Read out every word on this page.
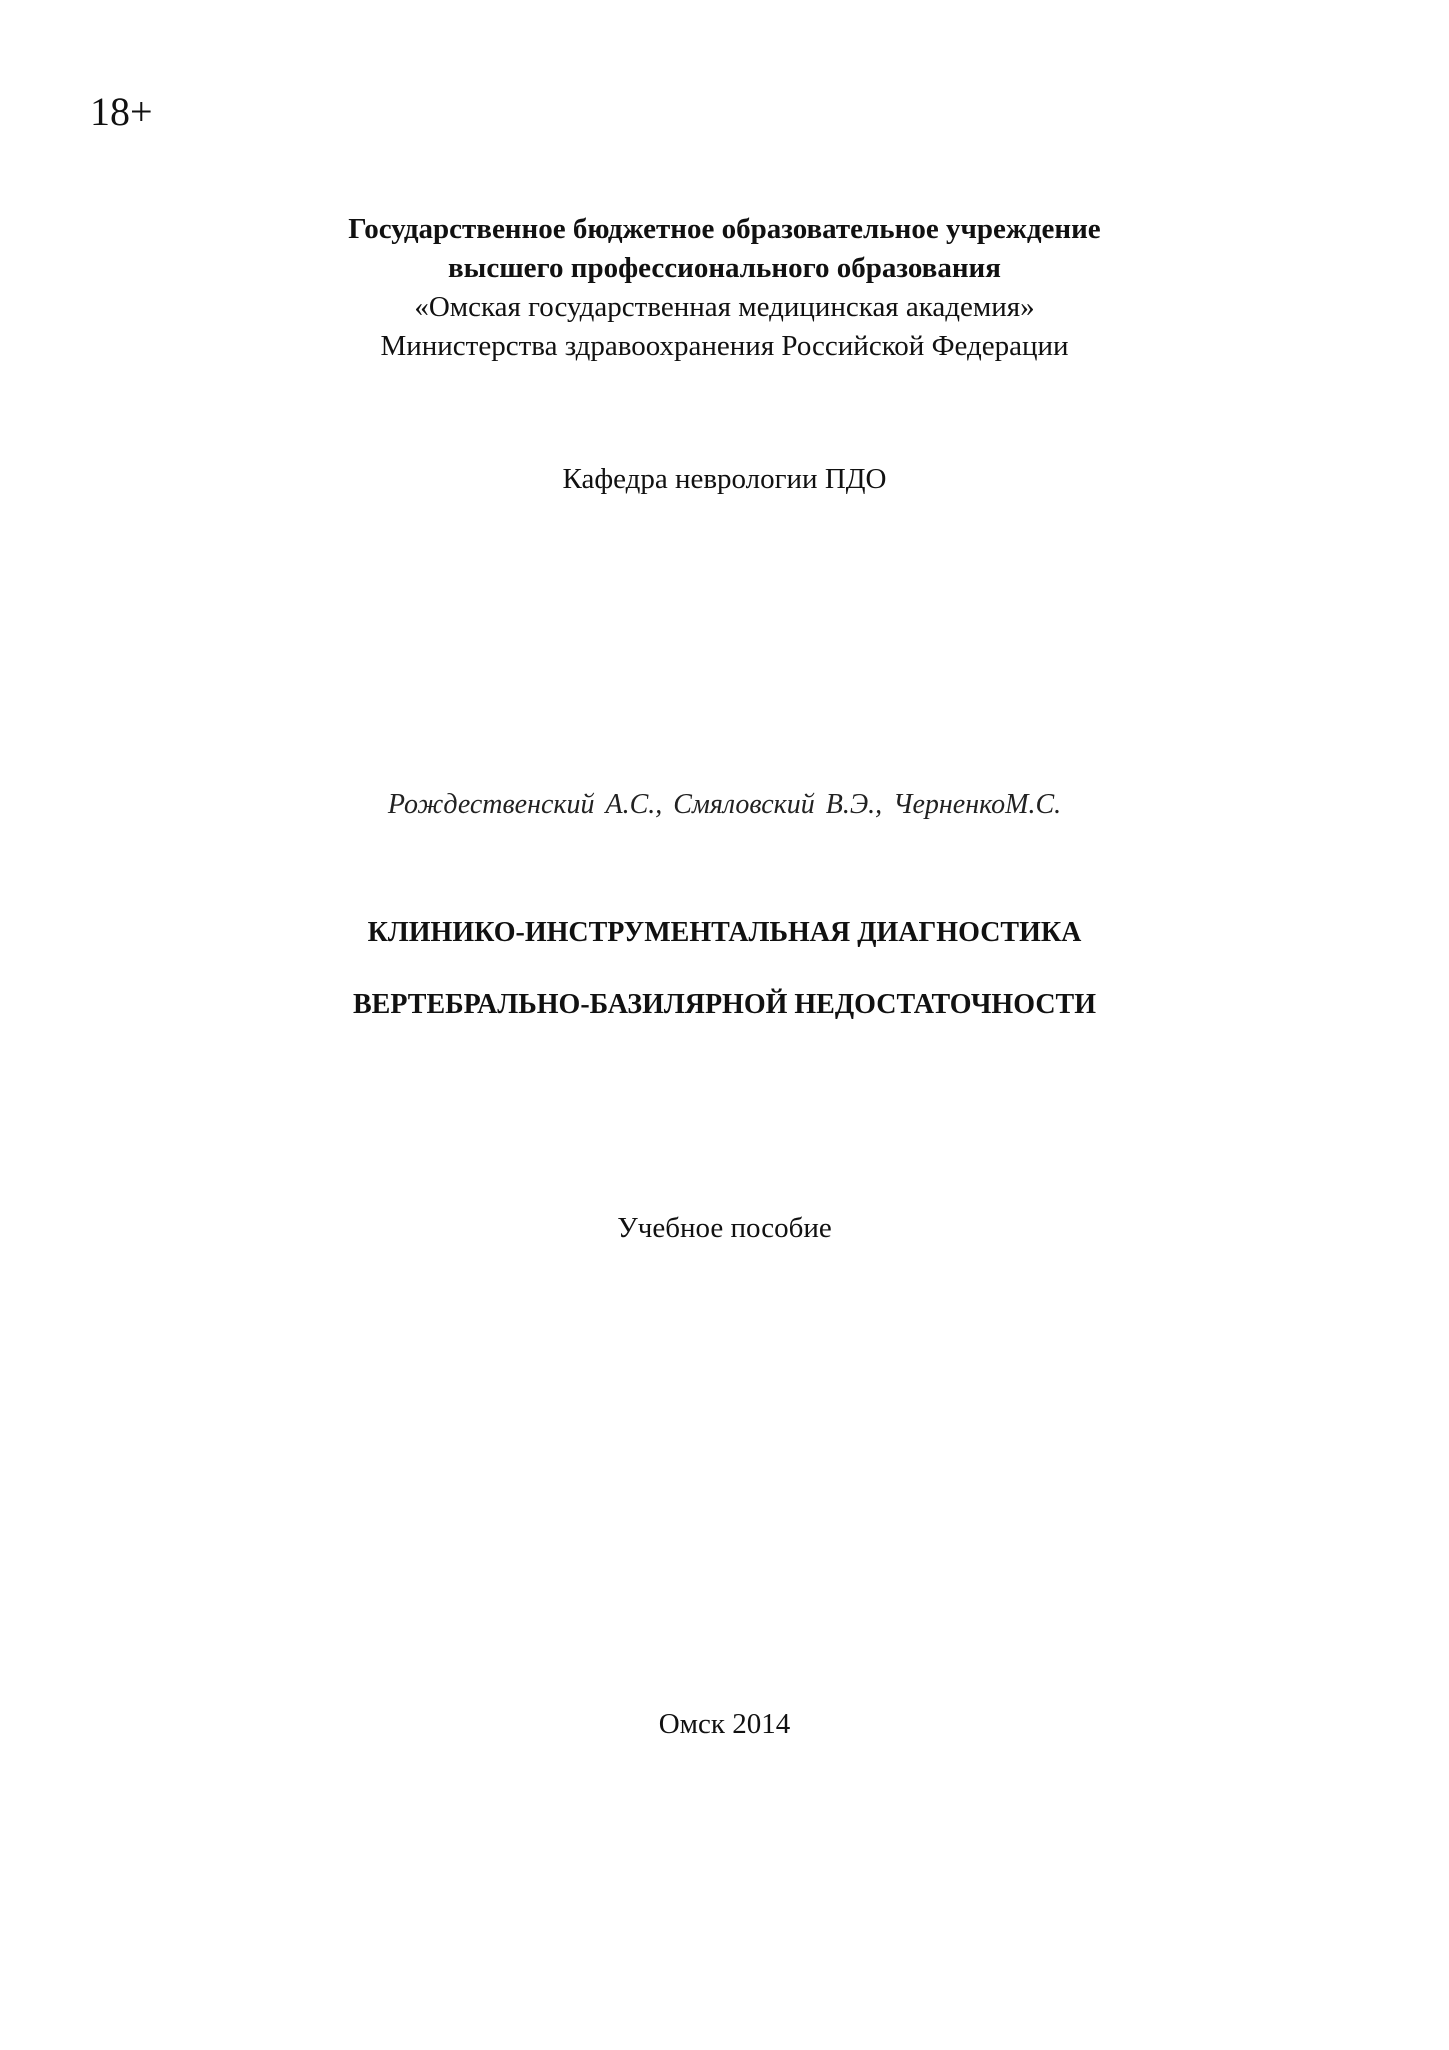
18+
Государственное бюджетное образовательное учреждение
высшего профессионального образования
«Омская государственная медицинская академия»
Министерства здравоохранения Российской Федерации
Кафедра неврологии ПДО
Рождественский А.С., Смяловский В.Э., ЧерненкоМ.С.
КЛИНИКО-ИНСТРУМЕНТАЛЬНАЯ ДИАГНОСТИКА
ВЕРТЕБРАЛЬНО-БАЗИЛЯРНОЙ НЕДОСТАТОЧНОСТИ
Учебное пособие
Омск 2014
